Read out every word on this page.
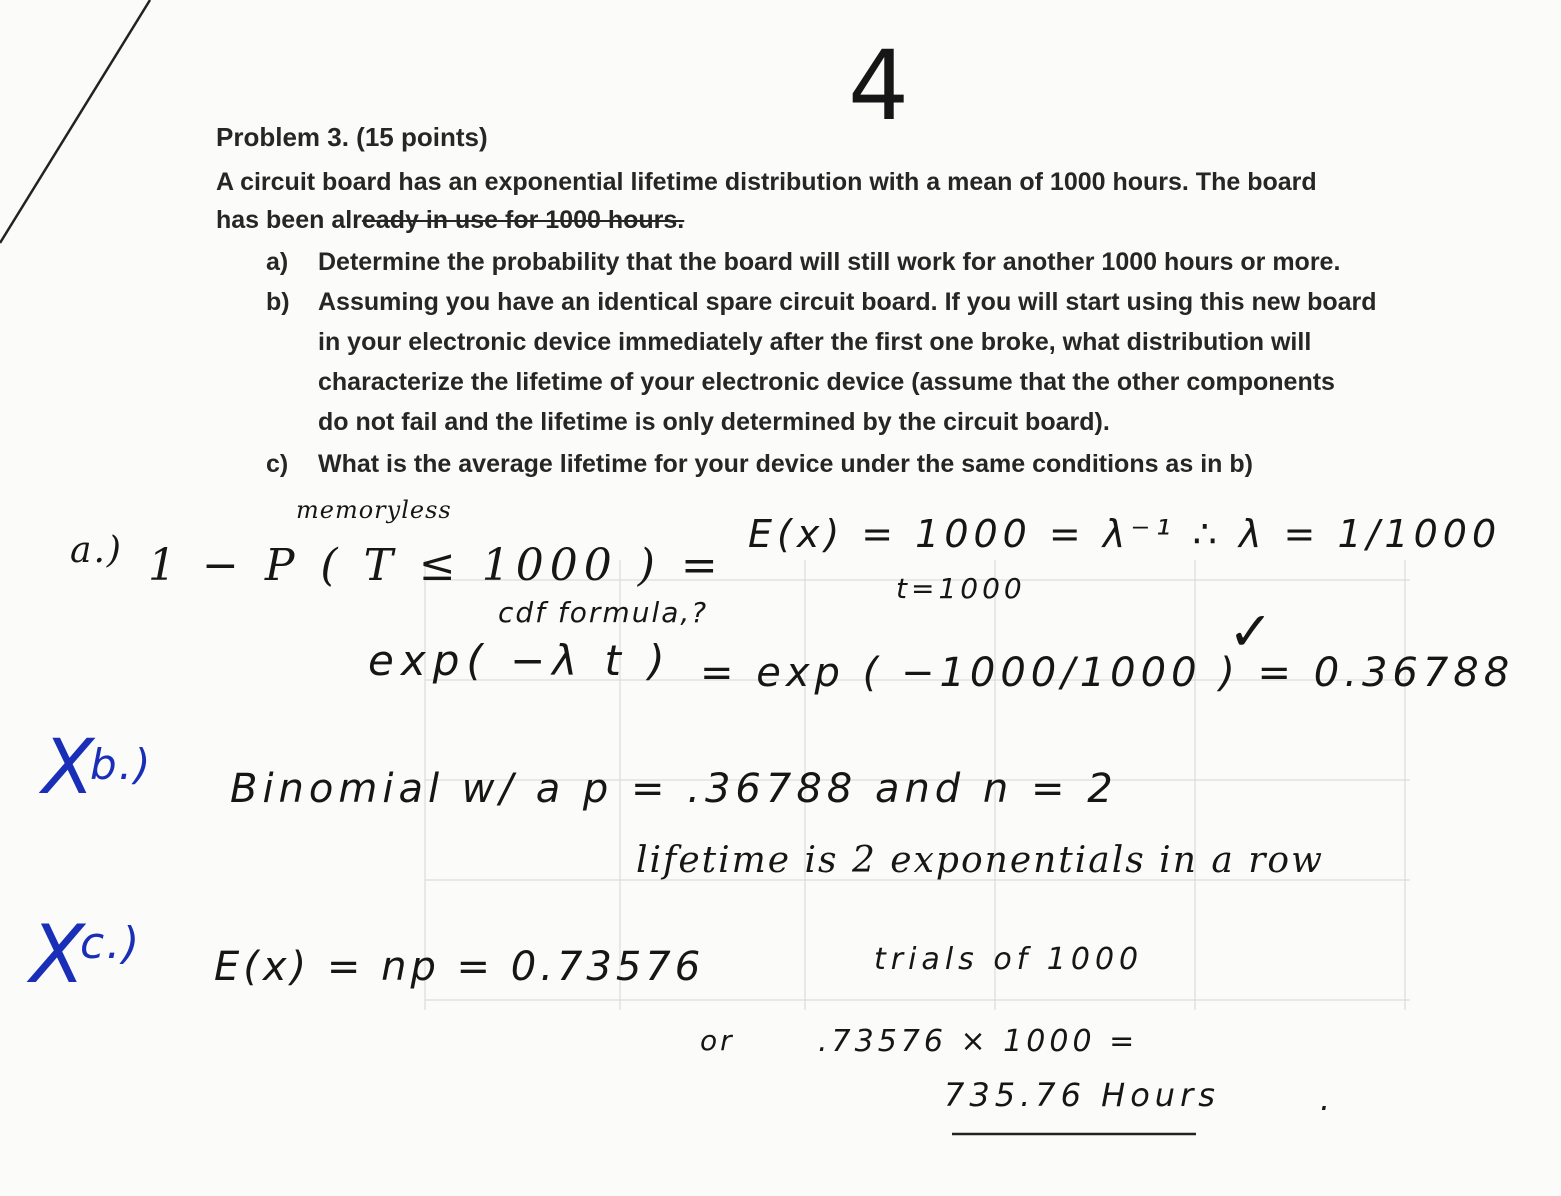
4
Problem 3. (15 points)
A circuit board has an exponential lifetime distribution with a mean of 1000 hours. The board
has been already in use for 1000 hours.
a) Determine the probability that the board will still work for another 1000 hours or more.
b) Assuming you have an identical spare circuit board. If you will start using this new board
in your electronic device immediately after the first one broke, what distribution will
characterize the lifetime of your electronic device (assume that the other components
do not fail and the lifetime is only determined by the circuit board).
c) What is the average lifetime for your device under the same conditions as in b)
memoryless
a.) 1 − P ( T ≤ 1000 ) =
E(x) = 1000 = λ⁻¹ ∴ λ = 1/1000
t=1000
cdf formula,?
exp( −λ t ) = exp ( −1000/1000 ) = 0.36788
✓
X
b.) Binomial w/ a p = .36788 and n = 2
lifetime is 2 exponentials in a row
X
c.) E(x) = np = 0.73576	trials of 1000
or	.73576 × 1000 =
735.76 Hours	.
